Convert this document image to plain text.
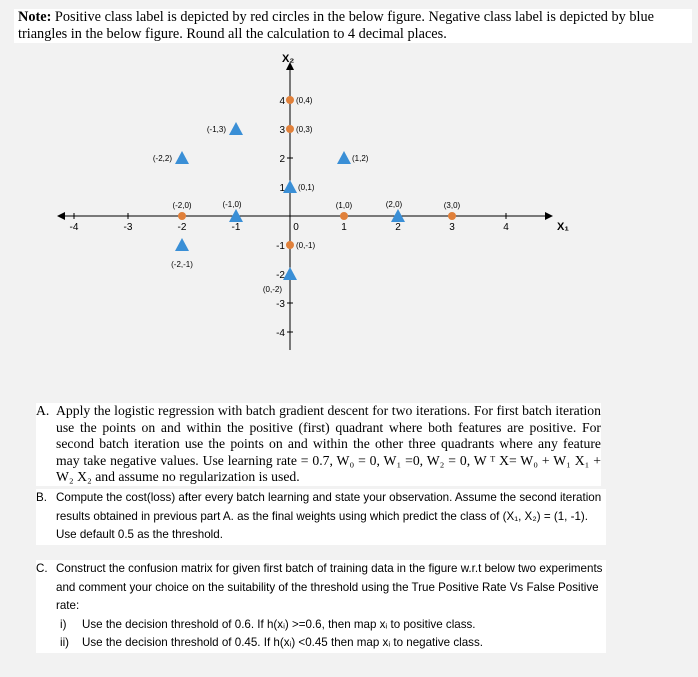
Note: Positive class label is depicted by red circles in the below figure. Negative class label is depicted by blue triangles in the below figure. Round all the calculation to 4 decimal places.
X₁
X₂
-4	-3	-2	-1	0	1	2	3	4
4
3
2
1
-1
-2
-3
-4
(0,4)
(0,3)
(1,0)	(3,0)
(-2,0)
(0,-1)
(-1,3)
(-2,2)	(1,2)
(0,1)
(2,0)
(-1,0)
(-2,-1)
(0,-2)
A. Apply the logistic regression with batch gradient descent for two iterations. For first batch iteration use the points on and within the positive (first) quadrant where both features are positive. For second batch iteration use the points on and within the other three quadrants where any feature may take negative values. Use learning rate = 0.7, W₀ = 0, W₁ =0, W₂ = 0, W ᵀ X= W₀ + W₁ X₁ + W₂ X₂ and assume no regularization is used.
B. Compute the cost(loss) after every batch learning and state your observation. Assume the second iteration results obtained in previous part A. as the final weights using which predict the class of (X₁, X₂) = (1, -1). Use default 0.5 as the threshold.
C. Construct the confusion matrix for given first batch of training data in the figure w.r.t below two experiments and comment your choice on the suitability of the threshold using the True Positive Rate Vs False Positive rate:
i) Use the decision threshold of 0.6. If h(xᵢ) >=0.6, then map xᵢ to positive class.
ii) Use the decision threshold of 0.45. If h(xᵢ) <0.45 then map xᵢ to negative class.
